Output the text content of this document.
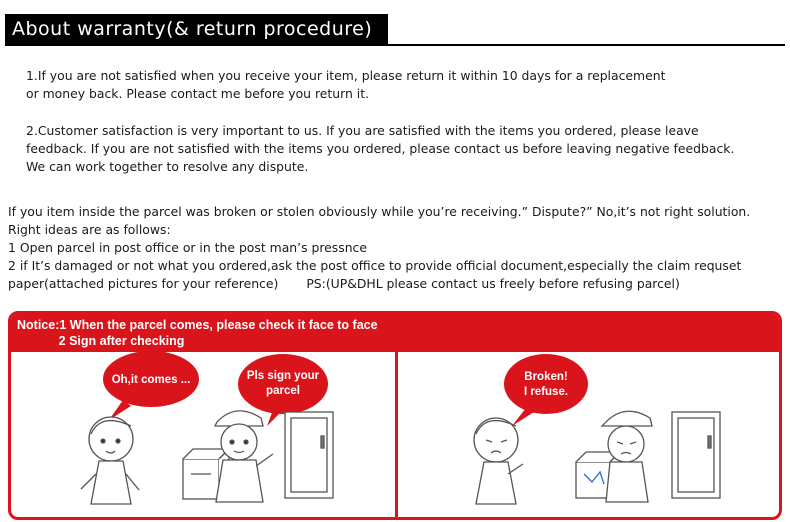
About warranty(& return procedure)
1.If you are not satisfied when you receive your item, please return it within 10 days for a replacement
or money back. Please contact me before you return it.
2.Customer satisfaction is very important to us. If you are satisfied with the items you ordered, please leave
feedback. If you are not satisfied with the items you ordered, please contact us before leaving negative feedback.
We can work together to resolve any dispute.
If you item inside the parcel was broken or stolen obviously while you’re receiving.” Dispute?” No,it’s not right solution.
Right ideas are as follows:
1 Open parcel in post office or in the post man’s pressnce
2 if It’s damaged or not what you ordered,ask the post office to provide official document,especially the claim requset
paper(attached pictures for your reference) PS:(UP&DHL please contact us freely before refusing parcel)
Notice:1 When the parcel comes, please check it face to face
2 Sign after checking
Oh,it comes ...	Pls sign your
parcel
Broken!
I refuse.
